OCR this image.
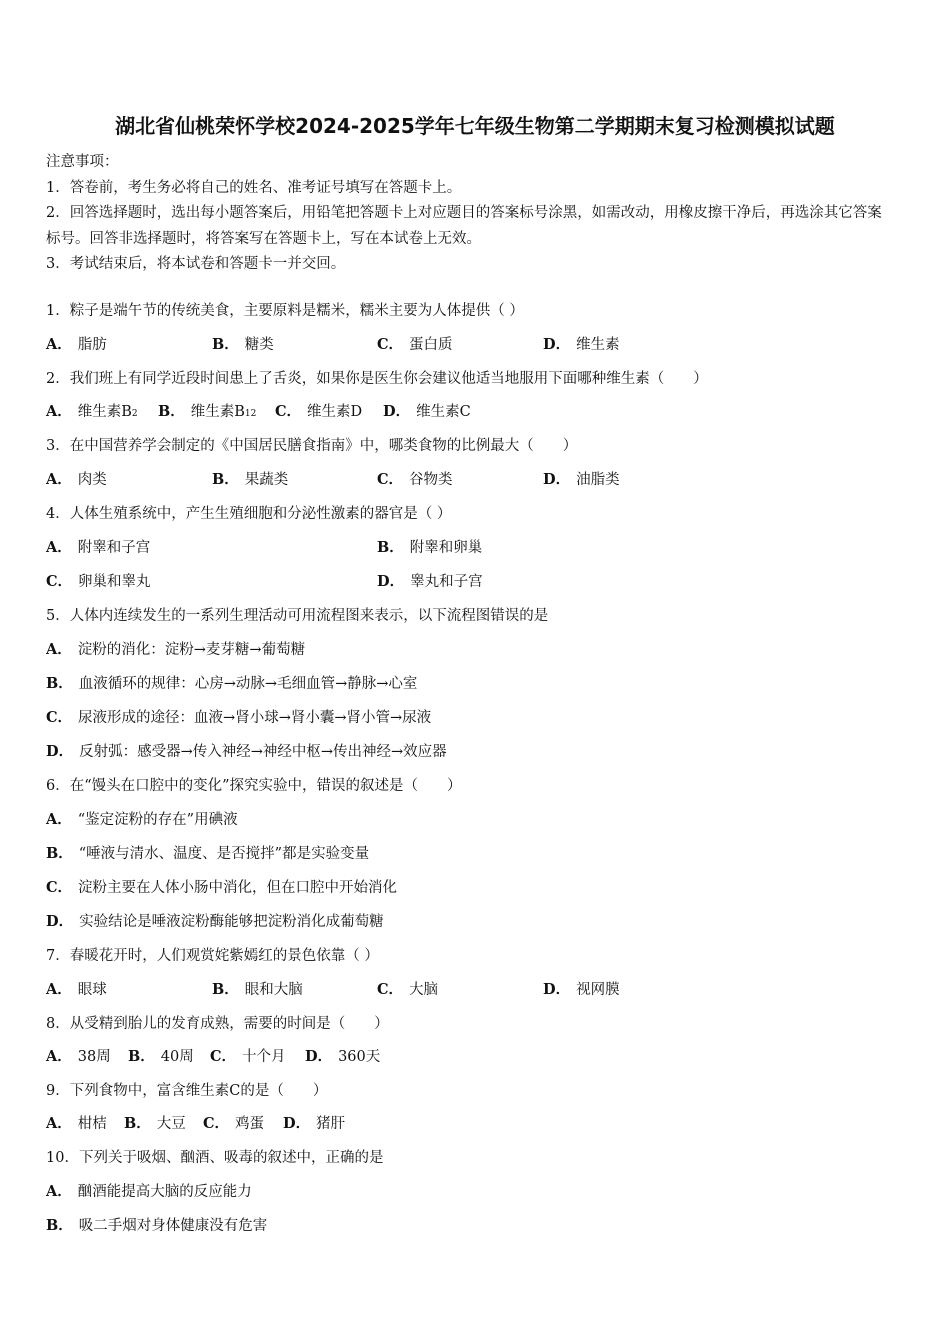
湖北省仙桃荣怀学校2024-2025学年七年级生物第二学期期末复习检测模拟试题
注意事项：
1．答卷前，考生务必将自己的姓名、准考证号填写在答题卡上。
2．回答选择题时，选出每小题答案后，用铅笔把答题卡上对应题目的答案标号涂黑，如需改动，用橡皮擦干净后，再选涂其它答案标号。回答非选择题时，将答案写在答题卡上，写在本试卷上无效。
3．考试结束后，将本试卷和答题卡一并交回。
1．粽子是端午节的传统美食，主要原料是糯米，糯米主要为人体提供（ ）
A． 脂肪	B． 糖类	C． 蛋白质	D． 维生素
2．我们班上有同学近段时间患上了舌炎，如果你是医生你会建议他适当地服用下面哪种维生素（　　）
A． 维生素B2 B． 维生素B12 C． 维生素D D． 维生素C
3．在中国营养学会制定的《中国居民膳食指南》中，哪类食物的比例最大（　　）
A． 肉类	B． 果蔬类	C． 谷物类	D． 油脂类
4．人体生殖系统中，产生生殖细胞和分泌性激素的器官是（ ）
A． 附睾和子宫	B． 附睾和卵巢
C． 卵巢和睾丸	D． 睾丸和子宫
5．人体内连续发生的一系列生理活动可用流程图来表示，以下流程图错误的是
A． 淀粉的消化：淀粉→麦芽糖→葡萄糖
B． 血液循环的规律：心房→动脉→毛细血管→静脉→心室
C． 尿液形成的途径：血液→肾小球→肾小囊→肾小管→尿液
D． 反射弧：感受器→传入神经→神经中枢→传出神经→效应器
6．在“馒头在口腔中的变化”探究实验中，错误的叙述是（　　）
A． “鉴定淀粉的存在”用碘液
B． “唾液与清水、温度、是否搅拌”都是实验变量
C． 淀粉主要在人体小肠中消化，但在口腔中开始消化
D． 实验结论是唾液淀粉酶能够把淀粉消化成葡萄糖
7．春暖花开时，人们观赏姹紫嫣红的景色依靠（ ）
A． 眼球	B． 眼和大脑	C． 大脑	D． 视网膜
8．从受精到胎儿的发育成熟，需要的时间是（　　）
A． 38周 B． 40周 C． 十个月 D． 360天
9．下列食物中，富含维生素C的是（　　）
A． 柑桔 B． 大豆 C． 鸡蛋 D． 猪肝
10．下列关于吸烟、酗酒、吸毒的叙述中，正确的是
A． 酗酒能提高大脑的反应能力
B． 吸二手烟对身体健康没有危害
